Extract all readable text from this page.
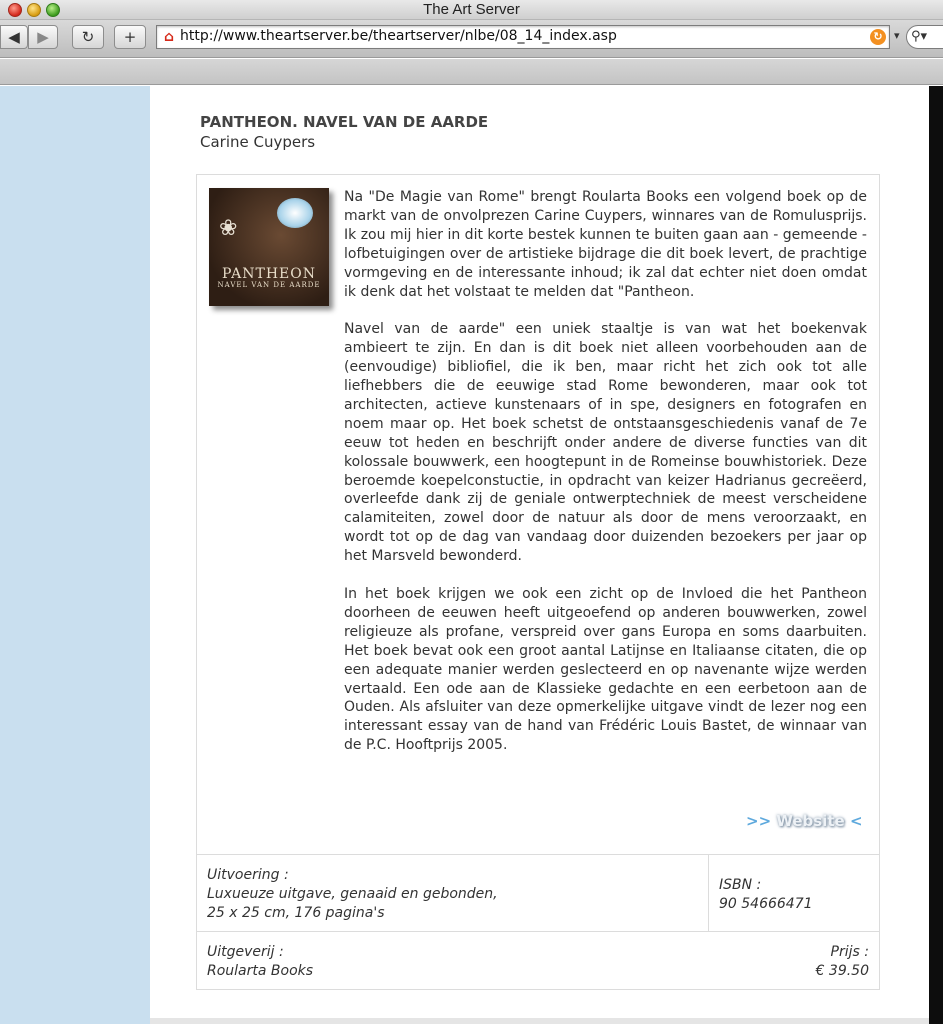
The Art Server
◀	▶	↻	+	⌂ http://www.theartserver.be/theartserver/nlbe/08_14_index.asp	↻	▾ ⚲▾
PANTHEON. NAVEL VAN DE AARDE
Carine Cuypers
❀
PANTHEON
NAVEL VAN DE AARDE

Na "De Magie van Rome" brengt Roularta Books een volgend boek op de markt van de onvolprezen Carine Cuypers, winnares van de Romulusprijs. Ik zou mij hier in dit korte bestek kunnen te buiten gaan aan - gemeende - lofbetuigingen over de artistieke bijdrage die dit boek levert, de prachtige vormgeving en de interessante inhoud; ik zal dat echter niet doen omdat ik denk dat het volstaat te melden dat "Pantheon.

Navel van de aarde" een uniek staaltje is van wat het boekenvak ambieert te zijn. En dan is dit boek niet alleen voorbehouden aan de (eenvoudige) bibliofiel, die ik ben, maar richt het zich ook tot alle liefhebbers die de eeuwige stad Rome bewonderen, maar ook tot architecten, actieve kunstenaars of in spe, designers en fotografen en noem maar op. Het boek schetst de ontstaansgeschiedenis vanaf de 7e eeuw tot heden en beschrijft onder andere de diverse functies van dit kolossale bouwwerk, een hoogtepunt in de Romeinse bouwhistoriek. Deze beroemde koepelconstuctie, in opdracht van keizer Hadrianus gecreëerd, overleefde dank zij de geniale ontwerptechniek de meest verscheidene calamiteiten, zowel door de natuur als door de mens veroorzaakt, en wordt tot op de dag van vandaag door duizenden bezoekers per jaar op het Marsveld bewonderd.

In het boek krijgen we ook een zicht op de Invloed die het Pantheon doorheen de eeuwen heeft uitgeoefend op anderen bouwwerken, zowel religieuze als profane, verspreid over gans Europa en soms daarbuiten. Het boek bevat ook een groot aantal Latijnse en Italiaanse citaten, die op een adequate manier werden geslecteerd en op navenante wijze werden vertaald. Een ode aan de Klassieke gedachte en een eerbetoon aan de Ouden. Als afsluiter van deze opmerkelijke uitgave vindt de lezer nog een interessant essay van de hand van Frédéric Louis Bastet, de winnaar van de P.C. Hooftprijs 2005.

>> Website <
Uitvoering :
Luxueuze uitgave, genaaid en gebonden,
25 x 25 cm, 176 pagina's
ISBN :
90 54666471
Uitgeverij :
Roularta Books
Prijs :
€ 39.50
